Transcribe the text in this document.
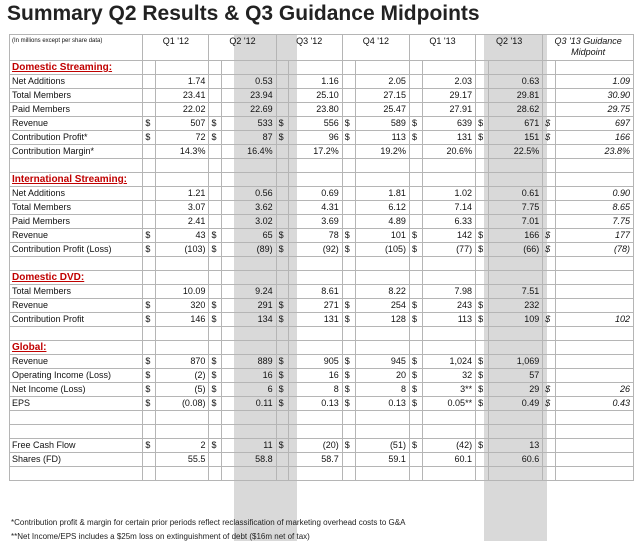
Summary Q2 Results & Q3 Guidance Midpoints
(In millions except per share data)	Q1 '12		Q2 '12		Q3 '12		Q4 '12		Q1 '13		Q2 '13		Q3 '13 Guidance Midpoint	
Domestic Streaming:														
Net Additions		1.74		0.53		1.16		2.05		2.03		0.63		1.09
Total Members		23.41		23.94		25.10		27.15		29.17		29.81		30.90
Paid Members		22.02		22.69		23.80		25.47		27.91		28.62		29.75
Revenue	$	507	$	533	$	556	$	589	$	639	$	671	$	697
Contribution Profit*	$	72	$	87	$	96	$	113	$	131	$	151	$	166
Contribution Margin*		14.3%		16.4%		17.2%		19.2%		20.6%		22.5%		23.8%

International Streaming:														
Net Additions		1.21		0.56		0.69		1.81		1.02		0.61		0.90
Total Members		3.07		3.62		4.31		6.12		7.14		7.75		8.65
Paid Members		2.41		3.02		3.69		4.89		6.33		7.01		7.75
Revenue	$	43	$	65	$	78	$	101	$	142	$	166	$	177
Contribution Profit (Loss)	$	(103)	$	(89)	$	(92)	$	(105)	$	(77)	$	(66)	$	(78)

Domestic DVD:														
Total Members		10.09		9.24		8.61		8.22		7.98		7.51		
Revenue	$	320	$	291	$	271	$	254	$	243	$	232		
Contribution Profit	$	146	$	134	$	131	$	128	$	113	$	109	$	102

Global:														
Revenue	$	870	$	889	$	905	$	945	$	1,024	$	1,069		
Operating Income (Loss)	$	(2)	$	16	$	16	$	20	$	32	$	57		
Net Income (Loss)	$	(5)	$	6	$	8	$	8	$	3**	$	29	$	26
EPS	$	(0.08)	$	0.11	$	0.13	$	0.13	$	0.05**	$	0.49	$	0.43

Free Cash Flow	$	2	$	11	$	(20)	$	(51)	$	(42)	$	13		
Shares (FD)		55.5		58.8		58.7		59.1		60.1		60.6		

*Contribution profit & margin for certain prior periods reflect reclassification of marketing overhead costs to G&A
**Net Income/EPS includes a $25m loss on extinguishment of debt ($16m net of tax)
